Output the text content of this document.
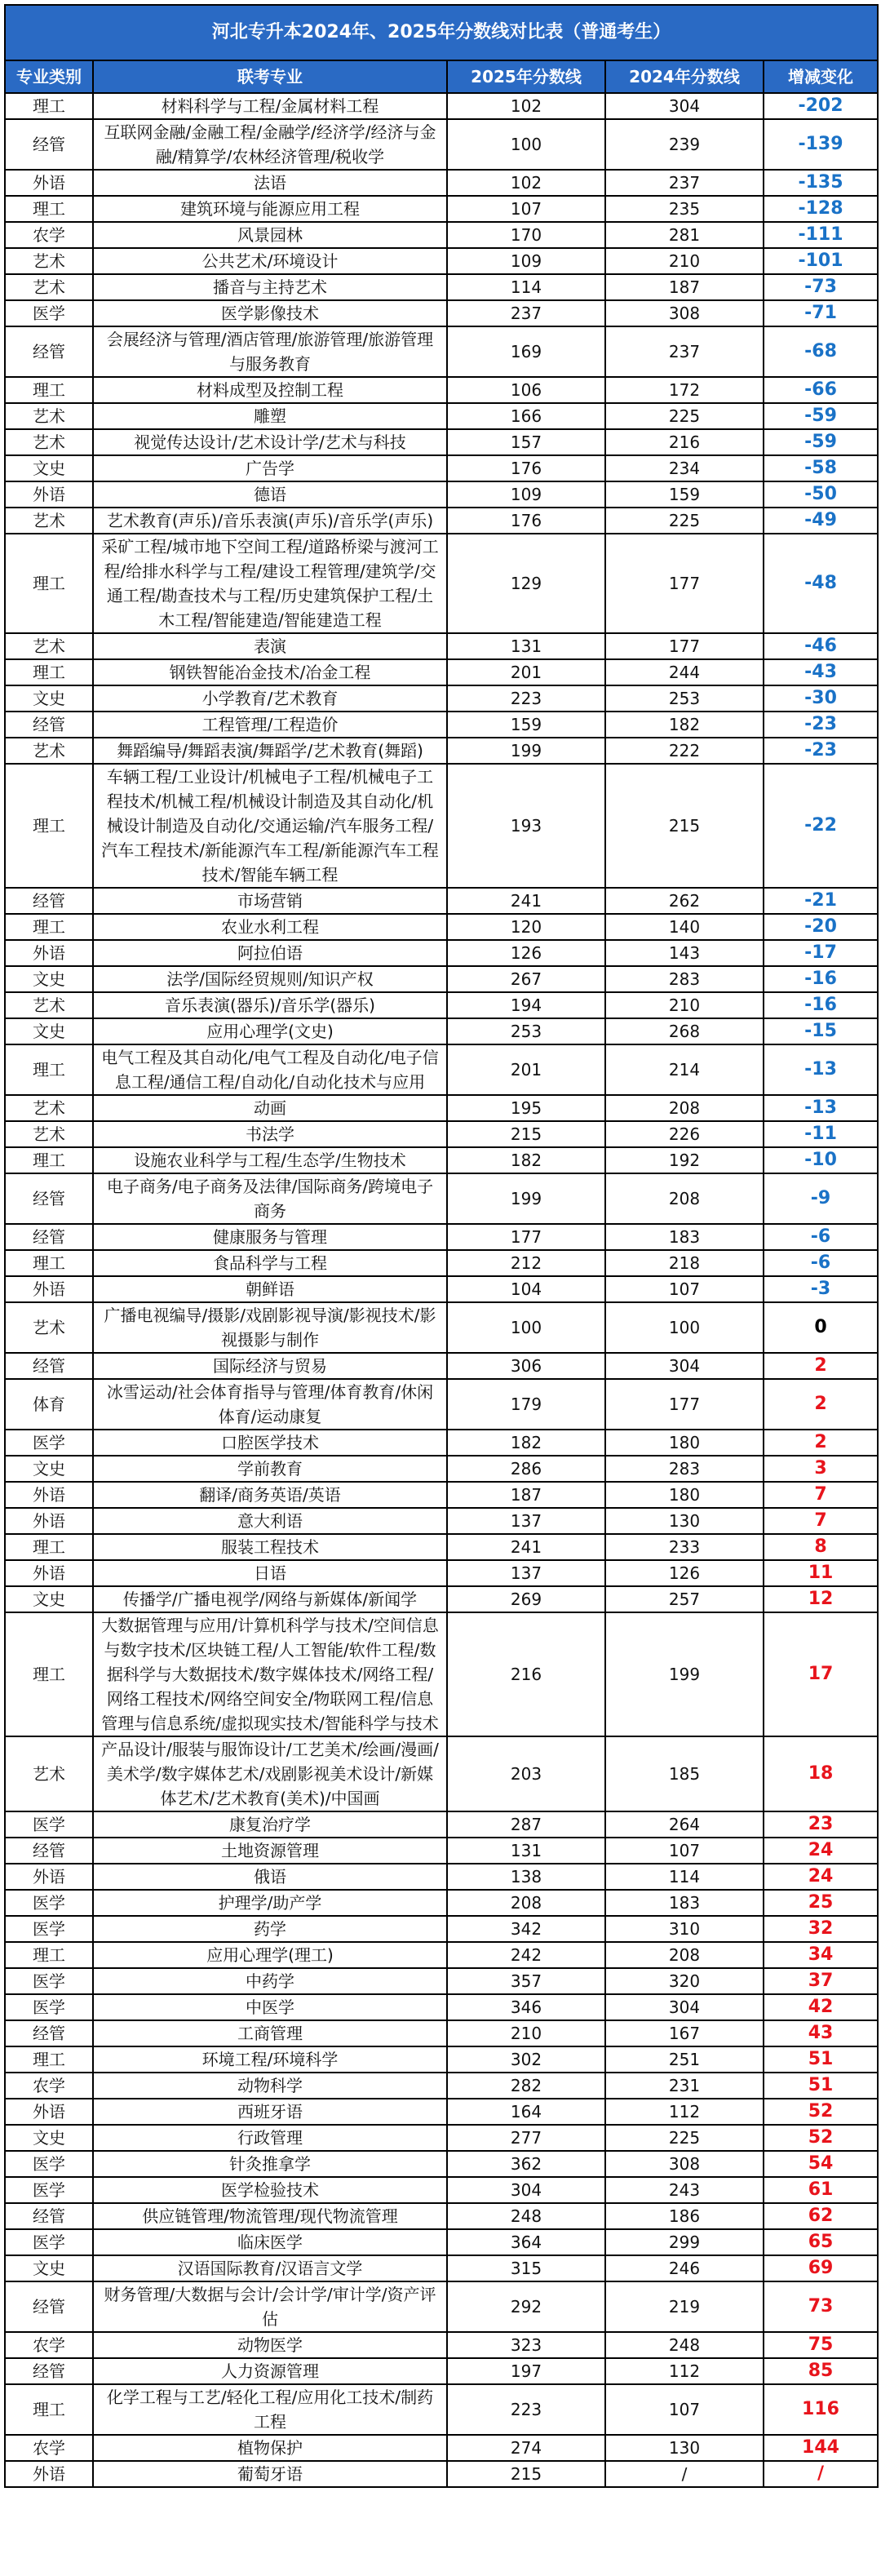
河北专升本2024年、2025年分数线对比表（普通考生）				
专业类别	联考专业	2025年分数线	2024年分数线	增减变化
理工	材料科学与工程/金属材料工程	102	304	-202
经管	互联网金融/金融工程/金融学/经济学/经济与金融/精算学/农林经济管理/税收学	100	239	-139
外语	法语	102	237	-135
理工	建筑环境与能源应用工程	107	235	-128
农学	风景园林	170	281	-111
艺术	公共艺术/环境设计	109	210	-101
艺术	播音与主持艺术	114	187	-73
医学	医学影像技术	237	308	-71
经管	会展经济与管理/酒店管理/旅游管理/旅游管理与服务教育	169	237	-68
理工	材料成型及控制工程	106	172	-66
艺术	雕塑	166	225	-59
艺术	视觉传达设计/艺术设计学/艺术与科技	157	216	-59
文史	广告学	176	234	-58
外语	德语	109	159	-50
艺术	艺术教育(声乐)/音乐表演(声乐)/音乐学(声乐)	176	225	-49
理工	采矿工程/城市地下空间工程/道路桥梁与渡河工程/给排水科学与工程/建设工程管理/建筑学/交通工程/勘查技术与工程/历史建筑保护工程/土木工程/智能建造/智能建造工程	129	177	-48
艺术	表演	131	177	-46
理工	钢铁智能冶金技术/冶金工程	201	244	-43
文史	小学教育/艺术教育	223	253	-30
经管	工程管理/工程造价	159	182	-23
艺术	舞蹈编导/舞蹈表演/舞蹈学/艺术教育(舞蹈)	199	222	-23
理工	车辆工程/工业设计/机械电子工程/机械电子工程技术/机械工程/机械设计制造及其自动化/机械设计制造及自动化/交通运输/汽车服务工程/汽车工程技术/新能源汽车工程/新能源汽车工程技术/智能车辆工程	193	215	-22
经管	市场营销	241	262	-21
理工	农业水利工程	120	140	-20
外语	阿拉伯语	126	143	-17
文史	法学/国际经贸规则/知识产权	267	283	-16
艺术	音乐表演(器乐)/音乐学(器乐)	194	210	-16
文史	应用心理学(文史)	253	268	-15
理工	电气工程及其自动化/电气工程及自动化/电子信息工程/通信工程/自动化/自动化技术与应用	201	214	-13
艺术	动画	195	208	-13
艺术	书法学	215	226	-11
理工	设施农业科学与工程/生态学/生物技术	182	192	-10
经管	电子商务/电子商务及法律/国际商务/跨境电子商务	199	208	-9
经管	健康服务与管理	177	183	-6
理工	食品科学与工程	212	218	-6
外语	朝鲜语	104	107	-3
艺术	广播电视编导/摄影/戏剧影视导演/影视技术/影视摄影与制作	100	100	0
经管	国际经济与贸易	306	304	2
体育	冰雪运动/社会体育指导与管理/体育教育/休闲体育/运动康复	179	177	2
医学	口腔医学技术	182	180	2
文史	学前教育	286	283	3
外语	翻译/商务英语/英语	187	180	7
外语	意大利语	137	130	7
理工	服装工程技术	241	233	8
外语	日语	137	126	11
文史	传播学/广播电视学/网络与新媒体/新闻学	269	257	12
理工	大数据管理与应用/计算机科学与技术/空间信息与数字技术/区块链工程/人工智能/软件工程/数据科学与大数据技术/数字媒体技术/网络工程/网络工程技术/网络空间安全/物联网工程/信息管理与信息系统/虚拟现实技术/智能科学与技术	216	199	17
艺术	产品设计/服装与服饰设计/工艺美术/绘画/漫画/美术学/数字媒体艺术/戏剧影视美术设计/新媒体艺术/艺术教育(美术)/中国画	203	185	18
医学	康复治疗学	287	264	23
经管	土地资源管理	131	107	24
外语	俄语	138	114	24
医学	护理学/助产学	208	183	25
医学	药学	342	310	32
理工	应用心理学(理工)	242	208	34
医学	中药学	357	320	37
医学	中医学	346	304	42
经管	工商管理	210	167	43
理工	环境工程/环境科学	302	251	51
农学	动物科学	282	231	51
外语	西班牙语	164	112	52
文史	行政管理	277	225	52
医学	针灸推拿学	362	308	54
医学	医学检验技术	304	243	61
经管	供应链管理/物流管理/现代物流管理	248	186	62
医学	临床医学	364	299	65
文史	汉语国际教育/汉语言文学	315	246	69
经管	财务管理/大数据与会计/会计学/审计学/资产评估	292	219	73
农学	动物医学	323	248	75
经管	人力资源管理	197	112	85
理工	化学工程与工艺/轻化工程/应用化工技术/制药工程	223	107	116
农学	植物保护	274	130	144
外语	葡萄牙语	215	/	/
